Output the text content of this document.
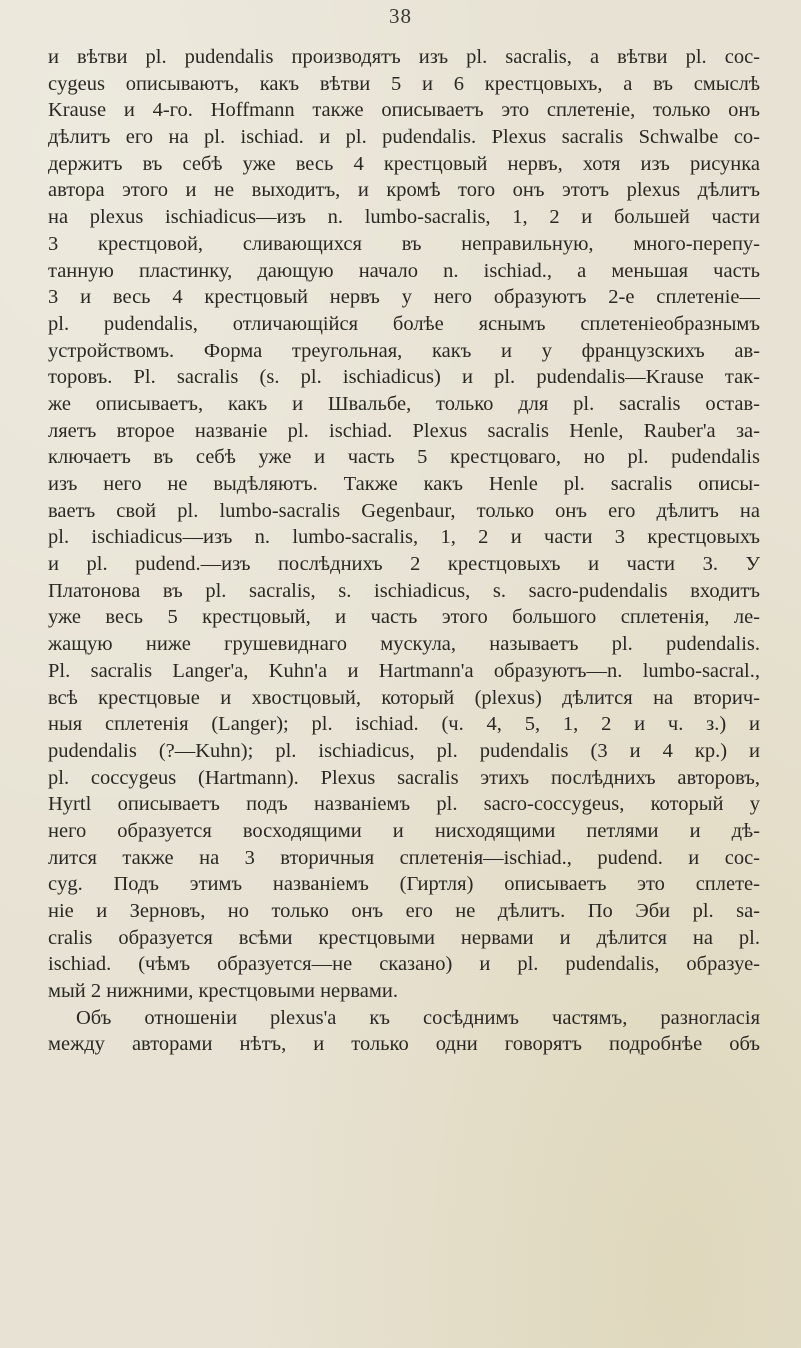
38
и вѣтви pl. pudendalis производятъ изъ pl. sacralis, а вѣтви pl. coc-
cygeus описываютъ, какъ вѣтви 5 и 6 крестцовыхъ, а въ смыслѣ
Krause и 4-го. Hoffmann также описываетъ это сплетеніе, только онъ
дѣлитъ его на pl. ischiad. и pl. pudendalis. Plexus sacralis Schwalbe со-
держитъ въ себѣ уже весь 4 крестцовый нервъ, хотя изъ рисунка
автора этого и не выходитъ, и кромѣ того онъ этотъ plexus дѣлитъ
на plexus ischiadicus—изъ n. lumbo-sacralis, 1, 2 и большей части
3 крестцовой, сливающихся въ неправильную, много-перепу-
танную пластинку, дающую начало n. ischiad., а меньшая часть
3 и весь 4 крестцовый нервъ у него образуютъ 2-е сплетеніе—
pl. pudendalis, отличающійся болѣе яснымъ сплетеніеобразнымъ
устройствомъ. Форма треугольная, какъ и у французскихъ ав-
торовъ. Pl. sacralis (s. pl. ischiadicus) и pl. pudendalis—Krause так-
же описываетъ, какъ и Швальбе, только для pl. sacralis остав-
ляетъ второе названіе pl. ischiad. Plexus sacralis Henle, Rauber'a за-
ключаетъ въ себѣ уже и часть 5 крестцоваго, но pl. pudendalis
изъ него не выдѣляютъ. Также какъ Henle pl. sacralis описы-
ваетъ свой pl. lumbo-sacralis Gegenbaur, только онъ его дѣлитъ на
pl. ischiadicus—изъ n. lumbo-sacralis, 1, 2 и части 3 крестцовыхъ
и pl. pudend.—изъ послѣднихъ 2 крестцовыхъ и части 3. У
Платонова въ pl. sacralis, s. ischiadicus, s. sacro-pudendalis входитъ
уже весь 5 крестцовый, и часть этого большого сплетенія, ле-
жащую ниже грушевиднаго мускула, называетъ pl. pudendalis.
Pl. sacralis Langer'a, Kuhn'a и Hartmann'a образуютъ—n. lumbo-sacral.,
всѣ крестцовые и хвостцовый, который (plexus) дѣлится на вторич-
ныя сплетенія (Langer); pl. ischiad. (ч. 4, 5, 1, 2 и ч. з.) и
pudendalis (?—Kuhn); pl. ischiadicus, pl. pudendalis (3 и 4 кр.) и
pl. coccygeus (Hartmann). Plexus sacralis этихъ послѣднихъ авторовъ,
Hyrtl описываетъ подъ названіемъ pl. sacro-coccygeus, который у
него образуется восходящими и нисходящими петлями и дѣ-
лится также на 3 вторичныя сплетенія—ischiad., pudend. и coc-
cyg. Подъ этимъ названіемъ (Гиртля) описываетъ это сплете-
ніе и Зерновъ, но только онъ его не дѣлитъ. По Эби pl. sa-
cralis образуется всѣми крестцовыми нервами и дѣлится на pl.
ischiad. (чѣмъ образуется—не сказано) и pl. pudendalis, образуе-
мый 2 нижними, крестцовыми нервами.
Объ отношеніи plexus'a къ сосѣднимъ частямъ, разногласія
между авторами нѣтъ, и только одни говорятъ подробнѣе объ
